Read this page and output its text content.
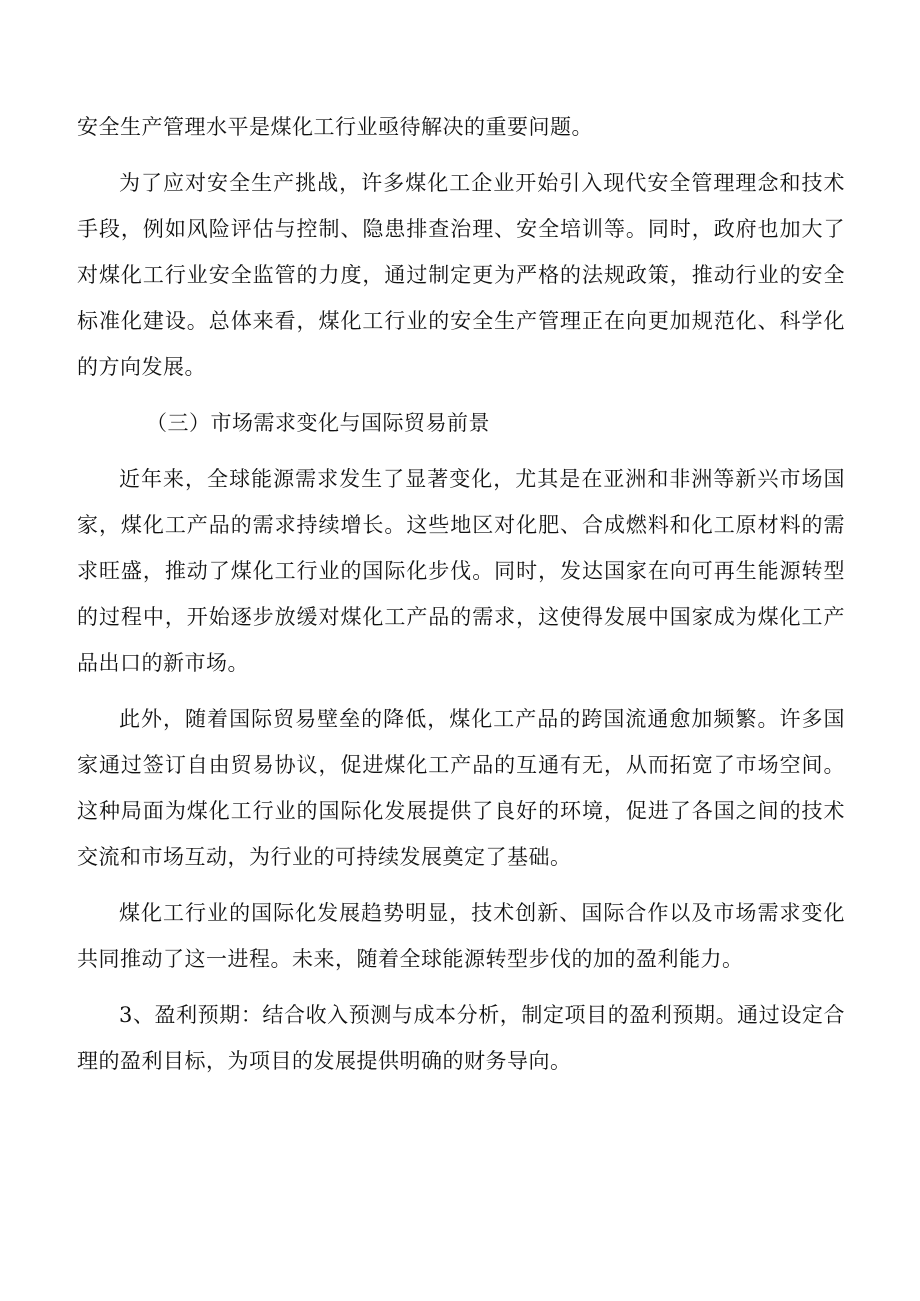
安全生产管理水平是煤化工行业亟待解决的重要问题。

为了应对安全生产挑战，许多煤化工企业开始引入现代安全管理理念和技术手段，例如风险评估与控制、隐患排查治理、安全培训等。同时，政府也加大了对煤化工行业安全监管的力度，通过制定更为严格的法规政策，推动行业的安全标准化建设。总体来看，煤化工行业的安全生产管理正在向更加规范化、科学化的方向发展。

（三）市场需求变化与国际贸易前景

近年来，全球能源需求发生了显著变化，尤其是在亚洲和非洲等新兴市场国家，煤化工产品的需求持续增长。这些地区对化肥、合成燃料和化工原材料的需求旺盛，推动了煤化工行业的国际化步伐。同时，发达国家在向可再生能源转型的过程中，开始逐步放缓对煤化工产品的需求，这使得发展中国家成为煤化工产品出口的新市场。

此外，随着国际贸易壁垒的降低，煤化工产品的跨国流通愈加频繁。许多国家通过签订自由贸易协议，促进煤化工产品的互通有无，从而拓宽了市场空间。这种局面为煤化工行业的国际化发展提供了良好的环境，促进了各国之间的技术交流和市场互动，为行业的可持续发展奠定了基础。

煤化工行业的国际化发展趋势明显，技术创新、国际合作以及市场需求变化共同推动了这一进程。未来，随着全球能源转型步伐的加的盈利能力。

3、盈利预期：结合收入预测与成本分析，制定项目的盈利预期。通过设定合理的盈利目标，为项目的发展提供明确的财务导向。
